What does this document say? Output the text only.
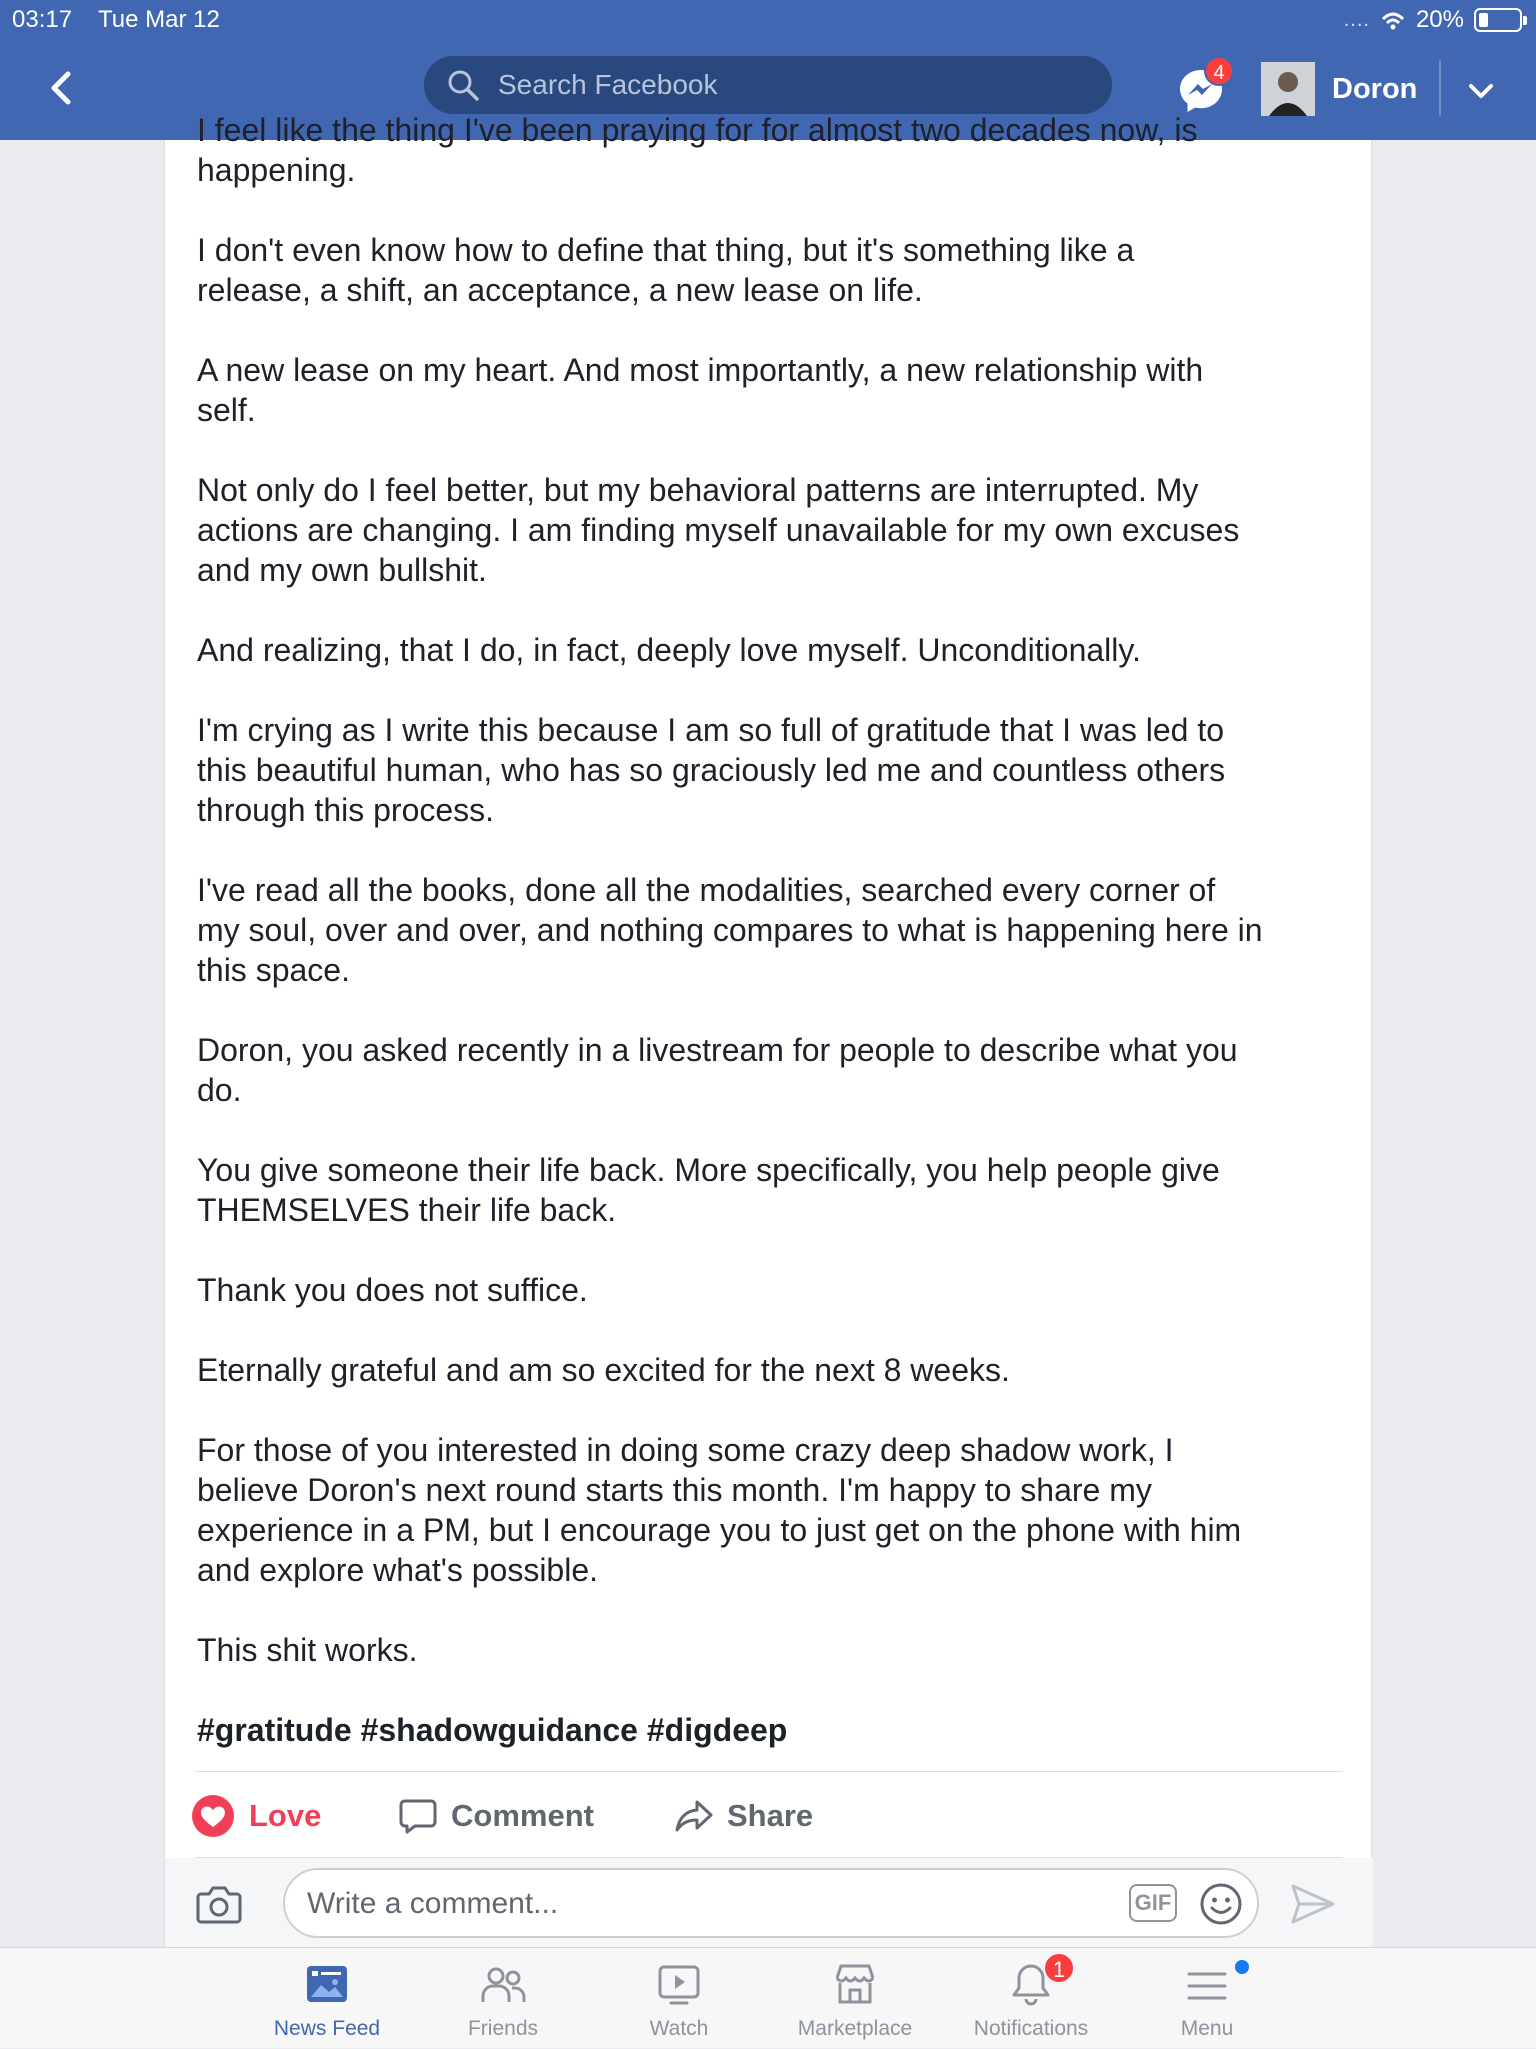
03:17 Tue Mar 12	.... 20%
Search Facebook	4	Doron

I feel like the thing I've been praying for for almost two decades now, is happening.

I don't even know how to define that thing, but it's something like a
release, a shift, an acceptance, a new lease on life.

A new lease on my heart. And most importantly, a new relationship with
self.

Not only do I feel better, but my behavioral patterns are interrupted. My
actions are changing. I am finding myself unavailable for my own excuses
and my own bullshit.

And realizing, that I do, in fact, deeply love myself. Unconditionally.

I'm crying as I write this because I am so full of gratitude that I was led to
this beautiful human, who has so graciously led me and countless others
through this process.

I've read all the books, done all the modalities, searched every corner of
my soul, over and over, and nothing compares to what is happening here in
this space.

Doron, you asked recently in a livestream for people to describe what you
do.

You give someone their life back. More specifically, you help people give
THEMSELVES their life back.

Thank you does not suffice.

Eternally grateful and am so excited for the next 8 weeks.

For those of you interested in doing some crazy deep shadow work, I
believe Doron's next round starts this month. I'm happy to share my
experience in a PM, but I encourage you to just get on the phone with him
and explore what's possible.

This shit works.

#gratitude #shadowguidance #digdeep

Love	Comment	Share
Write a comment...	GIF
News Feed	Friends	Watch	Marketplace
1
Notifications	Menu
